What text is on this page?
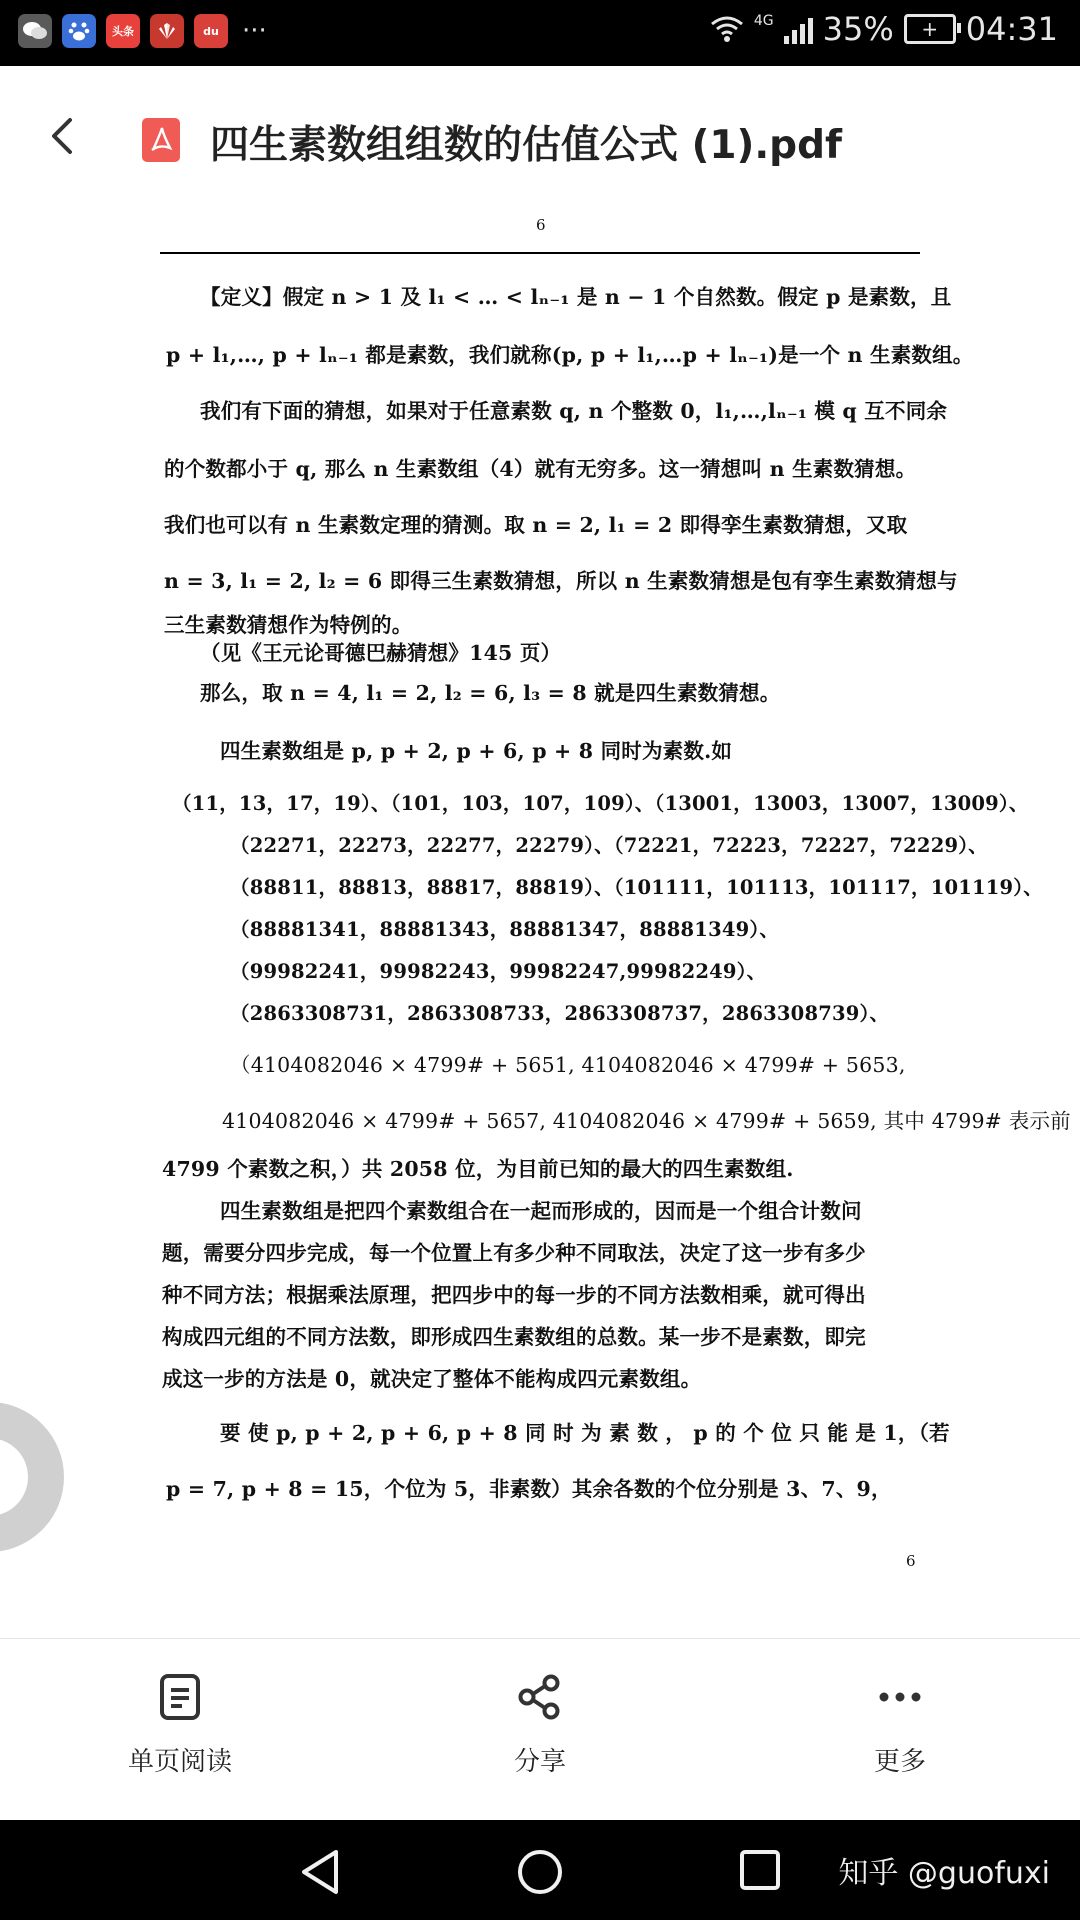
头条	du ···	4G 35%	+ 04:31
四生素数组组数的估值公式 (1).pdf
6
【定义】假定 n > 1 及 l₁ < … < lₙ₋₁ 是 n − 1 个自然数。假定 p 是素数，且
p + l₁,…, p + lₙ₋₁ 都是素数，我们就称(p, p + l₁,…p + lₙ₋₁)是一个 n 生素数组。
我们有下面的猜想，如果对于任意素数 q, n 个整数 0，l₁,…,lₙ₋₁ 模 q 互不同余
的个数都小于 q, 那么 n 生素数组（4）就有无穷多。这一猜想叫 n 生素数猜想。
我们也可以有 n 生素数定理的猜测。取 n = 2, l₁ = 2 即得孪生素数猜想，又取
n = 3, l₁ = 2, l₂ = 6 即得三生素数猜想，所以 n 生素数猜想是包有孪生素数猜想与
三生素数猜想作为特例的。
（见《王元论哥德巴赫猜想》145 页）
那么，取 n = 4, l₁ = 2, l₂ = 6, l₃ = 8 就是四生素数猜想。
四生素数组是 p, p + 2, p + 6, p + 8 同时为素数.如
（11，13，17，19）、（101，103，107，109）、（13001，13003，13007，13009）、
（22271，22273，22277，22279）、（72221，72223，72227，72229）、
（88811，88813，88817，88819）、（101111，101113，101117，101119）、
（88881341，88881343，88881347，88881349）、
（99982241，99982243，99982247,99982249）、
（2863308731，2863308733，2863308737，2863308739）、
（4104082046 × 4799# + 5651, 4104082046 × 4799# + 5653,
4104082046 × 4799# + 5657, 4104082046 × 4799# + 5659, 其中 4799# 表示前
4799 个素数之积，）共 2058 位，为目前已知的最大的四生素数组.
四生素数组是把四个素数组合在一起而形成的，因而是一个组合计数问
题，需要分四步完成，每一个位置上有多少种不同取法，决定了这一步有多少
种不同方法；根据乘法原理，把四步中的每一步的不同方法数相乘，就可得出
构成四元组的不同方法数，即形成四生素数组的总数。某一步不是素数，即完
成这一步的方法是 0，就决定了整体不能构成四元素数组。
要 使 p, p + 2, p + 6, p + 8 同 时 为 素 数 ， p 的 个 位 只 能 是 1，（若
p = 7, p + 8 = 15，个位为 5，非素数）其余各数的个位分别是 3、7、9，
6
单页阅读	分享	更多
知乎 @guofuxi
